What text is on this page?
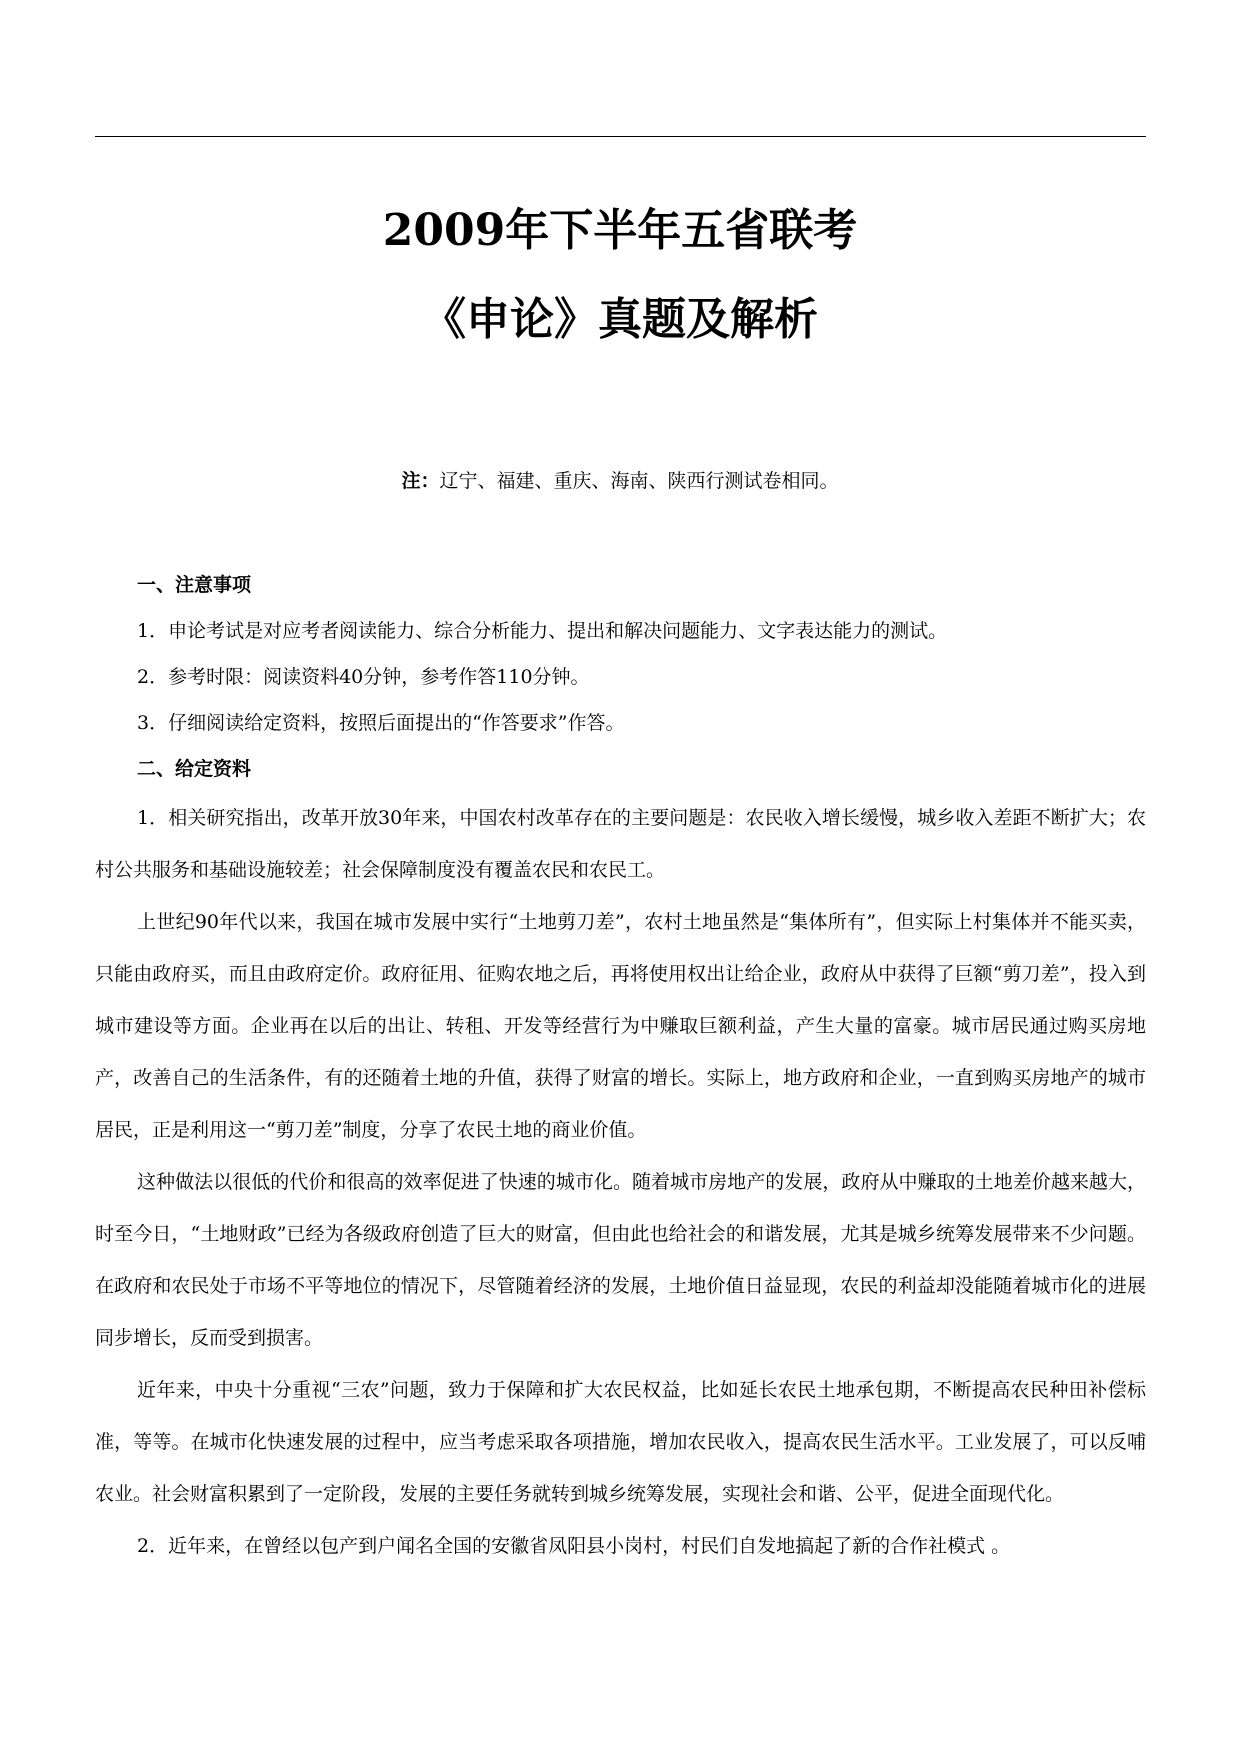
2009年下半年五省联考
《申论》真题及解析
注：辽宁、福建、重庆、海南、陕西行测试卷相同。

一、注意事项

1．申论考试是对应考者阅读能力、综合分析能力、提出和解决问题能力、文字表达能力的测试。

2．参考时限：阅读资料40分钟，参考作答110分钟。

3．仔细阅读给定资料，按照后面提出的“作答要求”作答。

二、给定资料

1．相关研究指出，改革开放30年来，中国农村改革存在的主要问题是：农民收入增长缓慢，城乡收入差距不断扩大；农村公共服务和基础设施较差；社会保障制度没有覆盖农民和农民工。

上世纪90年代以来，我国在城市发展中实行“土地剪刀差”，农村土地虽然是“集体所有”，但实际上村集体并不能买卖，只能由政府买，而且由政府定价。政府征用、征购农地之后，再将使用权出让给企业，政府从中获得了巨额“剪刀差”，投入到城市建设等方面。企业再在以后的出让、转租、开发等经营行为中赚取巨额利益，产生大量的富豪。城市居民通过购买房地产，改善自己的生活条件，有的还随着土地的升值，获得了财富的增长。实际上，地方政府和企业，一直到购买房地产的城市居民，正是利用这一“剪刀差”制度，分享了农民土地的商业价值。

这种做法以很低的代价和很高的效率促进了快速的城市化。随着城市房地产的发展，政府从中赚取的土地差价越来越大，时至今日，“土地财政”已经为各级政府创造了巨大的财富，但由此也给社会的和谐发展，尤其是城乡统筹发展带来不少问题。在政府和农民处于市场不平等地位的情况下，尽管随着经济的发展，土地价值日益显现，农民的利益却没能随着城市化的进展同步增长，反而受到损害。

近年来，中央十分重视“三农”问题，致力于保障和扩大农民权益，比如延长农民土地承包期，不断提高农民种田补偿标准，等等。在城市化快速发展的过程中，应当考虑采取各项措施，增加农民收入，提高农民生活水平。工业发展了，可以反哺农业。社会财富积累到了一定阶段，发展的主要任务就转到城乡统筹发展，实现社会和谐、公平，促进全面现代化。

2．近年来，在曾经以包产到户闻名全国的安徽省凤阳县小岗村，村民们自发地搞起了新的合作社模式 。
